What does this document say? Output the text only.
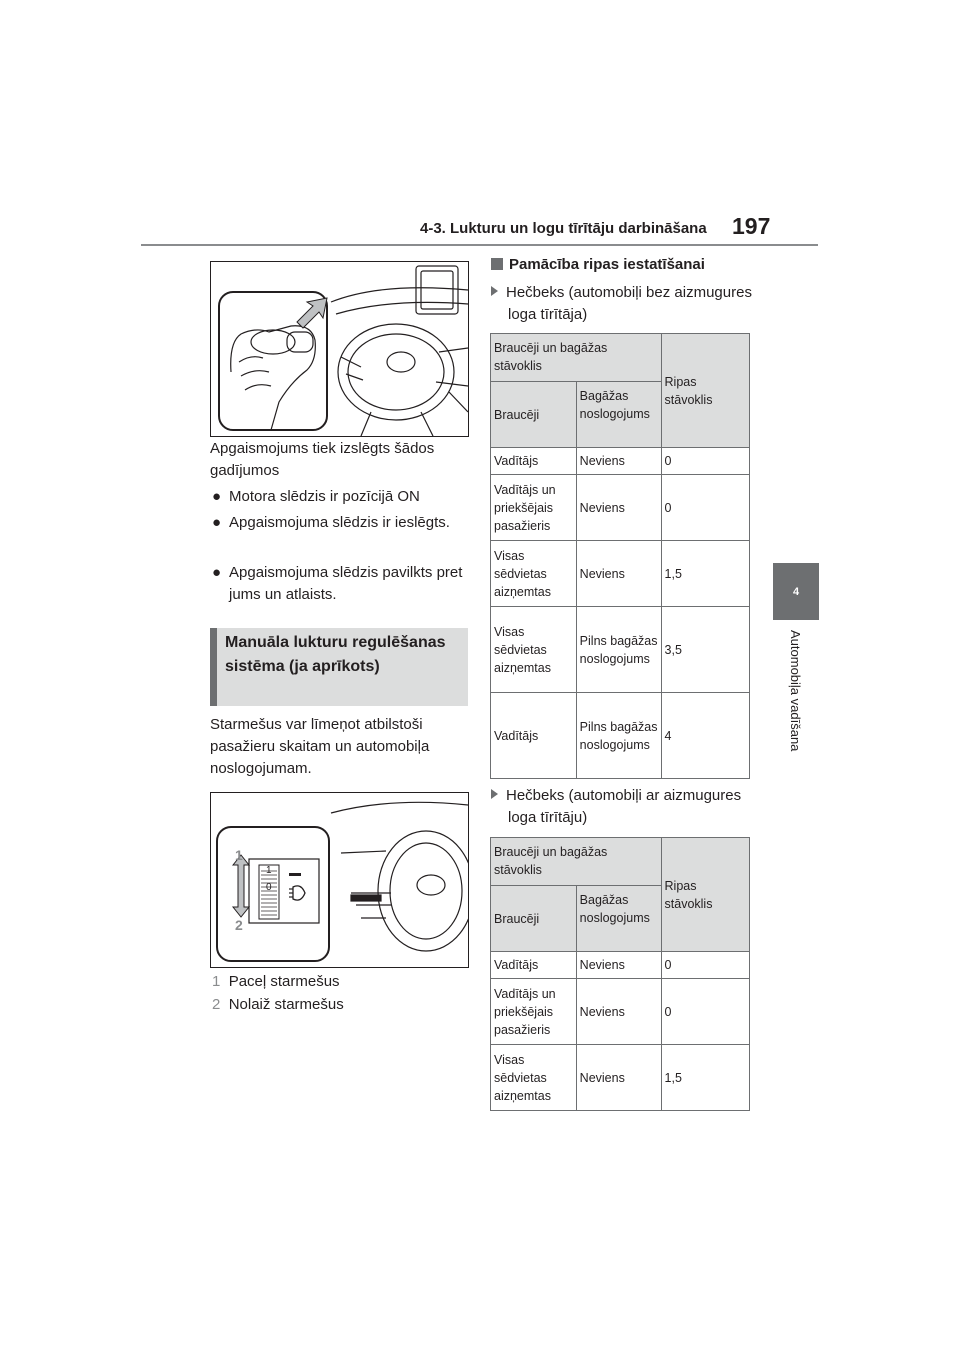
4-3. Lukturu un logu tīrītāju darbināšana 197
4
Automobiļa vadīšana
Apgaismojums tiek izslēgts šādos gadījumos
● Motora slēdzis ir pozīcijā ON
● Apgaismojuma slēdzis ir ieslēgts.
● Apgaismojuma slēdzis pavilkts pret jums un atlaists.
Manuāla lukturu regulēšanas sistēma (ja aprīkots)
Starmešus var līmeņot atbilstoši pasažieru skaitam un automobiļa noslogojumam.
1
2
1
0
1 Paceļ starmešus
2 Nolaiž starmešus
Pamācība ripas iestatīšanai
Hečbeks (automobiļi bez aizmugures loga tīrītāja)
Braucēji un bagāžas stāvoklis		Ripas stāvoklis
Braucēji	Bagāžas noslogojums	
Vadītājs	Neviens	0
Vadītājs un priekšējais pasažieris	Neviens	0
Visas sēdvietas aizņemtas	Neviens	1,5
Visas sēdvietas aizņemtas	Pilns bagāžas noslogojums	3,5
Vadītājs	Pilns bagāžas noslogojums	4
Hečbeks (automobiļi ar aizmugures loga tīrītāju)
Braucēji un bagāžas stāvoklis		Ripas stāvoklis
Braucēji	Bagāžas noslogojums	
Vadītājs	Neviens	0
Vadītājs un priekšējais pasažieris	Neviens	0
Visas sēdvietas aizņemtas	Neviens	1,5
